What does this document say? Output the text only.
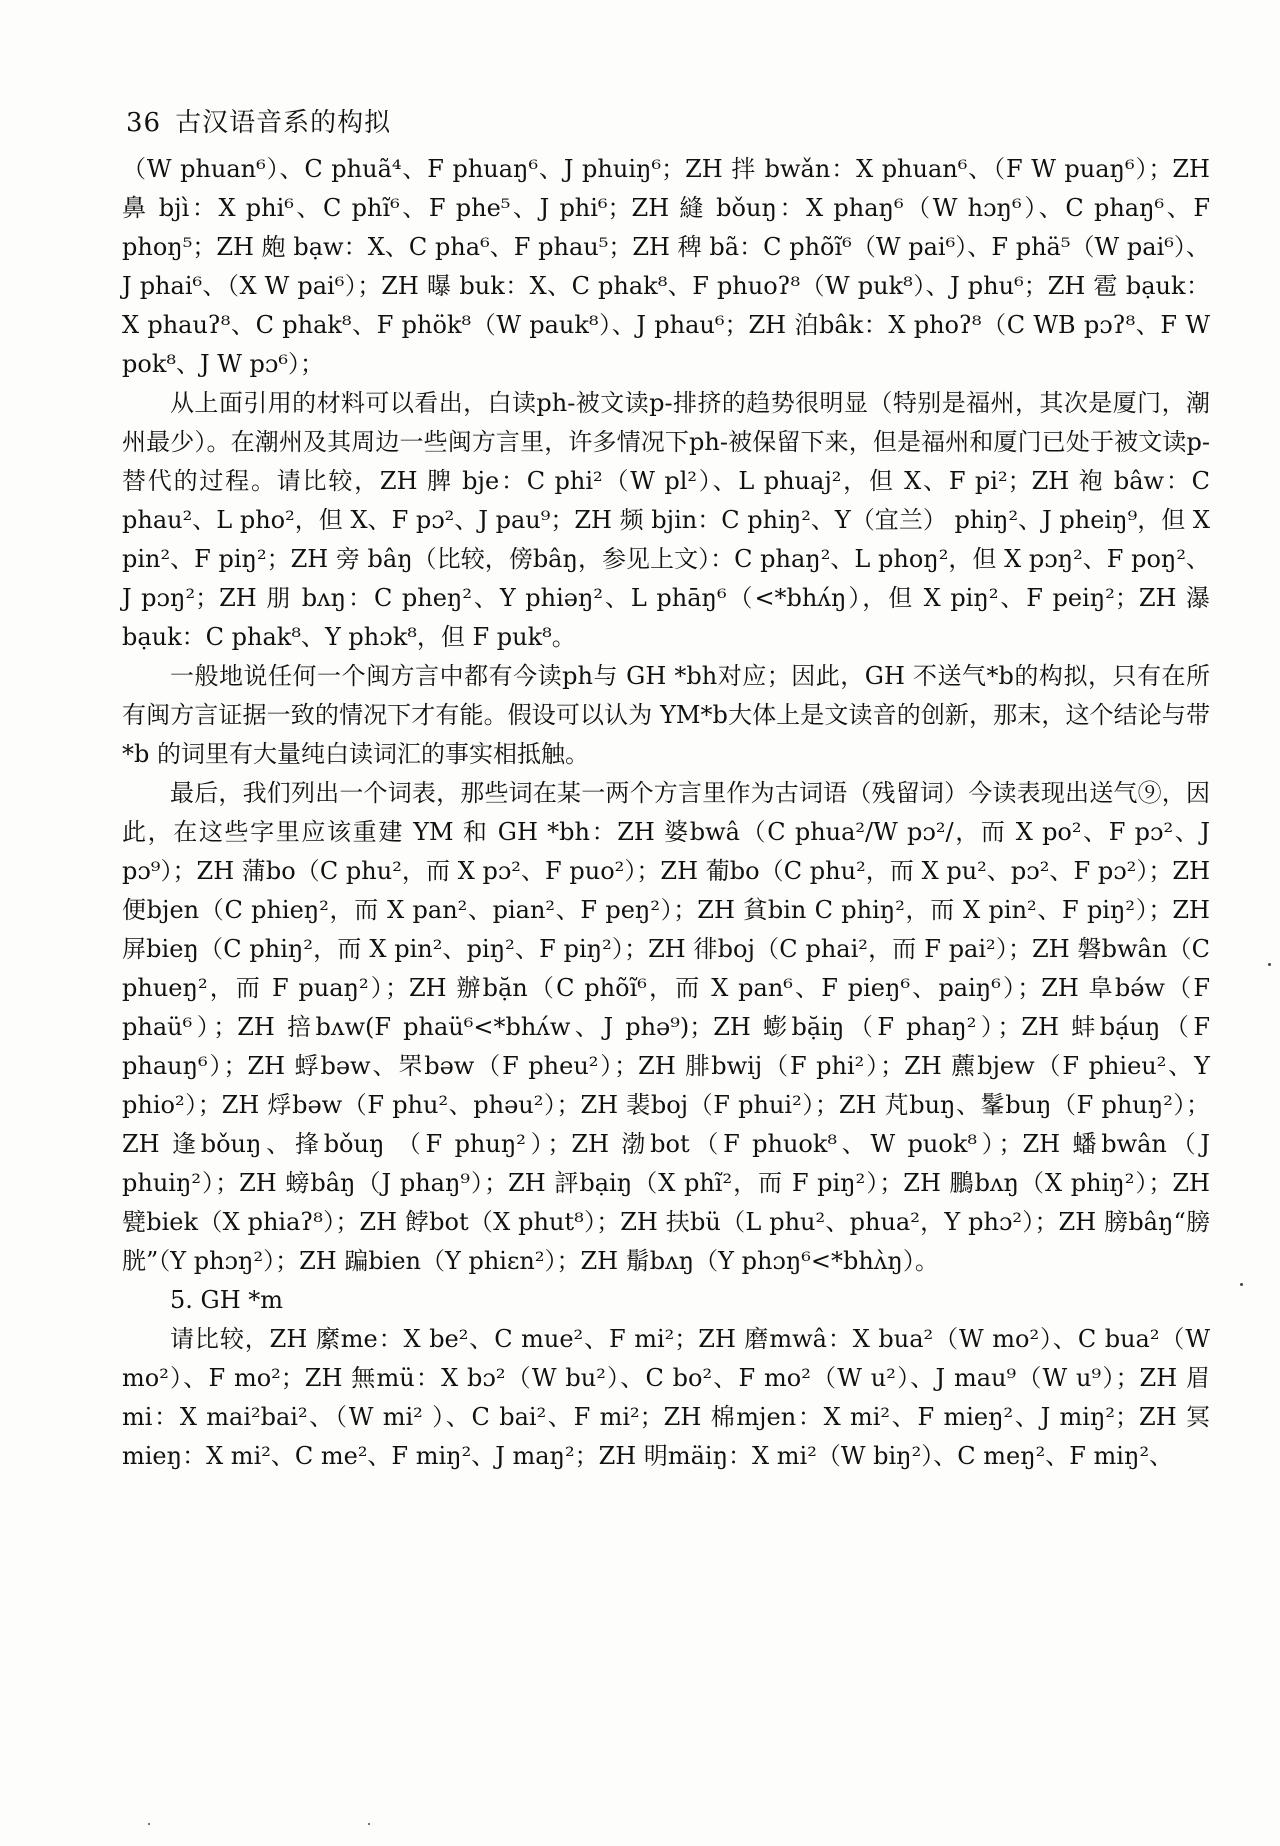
36 古汉语音系的构拟

（W phuan⁶）、C phuã⁴、F phuaŋ⁶、J phuiŋ⁶；ZH 拌 bwǎn：X phuan⁶、（F W puaŋ⁶）；ZH 鼻 bjì：X phi⁶、C phĩ⁶、F phe⁵、J phi⁶；ZH 縫 bǒuŋ：X phaŋ⁶（W hɔŋ⁶）、C phaŋ⁶、F phoŋ⁵；ZH 皰 bạw：X、C pha⁶、F phau⁵；ZH 稗 bã：C phõĩ⁶（W pai⁶）、F phä⁵（W pai⁶）、J phai⁶、（X W pai⁶）；ZH 曝 buk：X、C phak⁸、F phuoʔ⁸（W puk⁸）、J phu⁶；ZH 雹 bạuk：X phauʔ⁸、C phak⁸、F phök⁸（W pauk⁸）、J phau⁶；ZH 泊bâk：X phoʔ⁸（C WB pɔʔ⁸、F W pok⁸、J W pɔ⁶）；

从上面引用的材料可以看出，白读ph-被文读p-排挤的趋势很明显（特别是福州，其次是厦门，潮州最少）。在潮州及其周边一些闽方言里，许多情况下ph-被保留下来，但是福州和厦门已处于被文读p-替代的过程。请比较，ZH 脾 bje：C phi²（W pl²）、L phuaj²，但 X、F pi²；ZH 袍 bâw：C phau²、L pho²，但 X、F pɔ²、J pau⁹；ZH 频 bjin：C phiŋ²、Y（宜兰） phiŋ²、J pheiŋ⁹，但 X pin²、F piŋ²；ZH 旁 bâŋ（比较，傍bâŋ，参见上文）：C phaŋ²、L phoŋ²，但 X pɔŋ²、F poŋ²、J pɔŋ²；ZH 朋 bʌŋ：C pheŋ²、Y phiəŋ²、L phāŋ⁶（<*bhʌ́ŋ），但 X piŋ²、F peiŋ²；ZH 瀑 bạuk：C phak⁸、Y phɔk⁸，但 F puk⁸。

一般地说任何一个闽方言中都有今读ph与 GH *bh对应；因此，GH 不送气*b的构拟，只有在所有闽方言证据一致的情况下才有能。假设可以认为 YM*b大体上是文读音的创新，那末，这个结论与带*b 的词里有大量纯白读词汇的事实相抵触。

最后，我们列出一个词表，那些词在某一两个方言里作为古词语（残留词）今读表现出送气⑨，因此，在这些字里应该重建 YM 和 GH *bh：ZH 婆bwâ（C phua²/W pɔ²/，而 X po²、F pɔ²、J pɔ⁹）；ZH 蒲bo（C phu²，而 X pɔ²、F puo²）；ZH 葡bo（C phu²，而 X pu²、pɔ²、F pɔ²）；ZH 便bjen（C phieŋ²，而 X pan²、pian²、F peŋ²）；ZH 貧bin C phiŋ²，而 X pin²、F piŋ²）；ZH 屏bieŋ（C phiŋ²，而 X pin²、piŋ²、F piŋ²）；ZH 徘boj（C phai²，而 F pai²）；ZH 磐bwân（C phueŋ²，而 F puaŋ²）；ZH 辦bặn（C phõĩ⁶，而 X pan⁶、F pieŋ⁶、paiŋ⁶）；ZH 阜bə́w（F phaü⁶）；ZH 掊bʌw(F phaü⁶<*bhʌ́w、J phə⁹)；ZH 蟛bặiŋ（F phaŋ²）；ZH 蚌bạ́uŋ（F phauŋ⁶）；ZH 蜉bəw、罘bəw（F pheu²）；ZH 腓bwij（F phi²）；ZH 藨bjew（F phieu²、Y phio²）；ZH 烰bəw（F phu²、phəu²）；ZH 裴boj（F phui²）；ZH 芃buŋ、髼buŋ（F phuŋ²）；ZH 逢bǒuŋ、捀bǒuŋ （F phuŋ²）；ZH 渤bot（F phuok⁸、W puok⁸）；ZH 蟠bwân（J phuiŋ²）；ZH 螃bâŋ（J phaŋ⁹）；ZH 評bạiŋ（X phĩ²，而 F piŋ²）；ZH 鵬bʌŋ（X phiŋ²）；ZH 甓biek（X phiaʔ⁸）；ZH 餑bot（X phut⁸）；ZH 扶bü（L phu²、phua²，Y phɔ²）；ZH 膀bâŋ“膀胱”（Y phɔŋ²）；ZH 蹁bien（Y phiɛn²）；ZH 鬅bʌŋ（Y phɔŋ⁶<*bhʌ̀ŋ）。

5. GH *m

请比较，ZH 縻me：X be²、C mue²、F mi²；ZH 磨mwâ：X bua²（W mo²）、C bua²（W mo²）、F mo²；ZH 無mü：X bɔ²（W bu²）、C bo²、F mo²（W u²）、J mau⁹（W u⁹）；ZH 眉mi：X mai²bai²、（W mi² ）、C bai²、F mi²；ZH 棉mjen：X mi²、F mieŋ²、J miŋ²；ZH 冥mieŋ：X mi²、C me²、F miŋ²、J maŋ²；ZH 明mäiŋ：X mi²（W biŋ²）、C meŋ²、F miŋ²、
